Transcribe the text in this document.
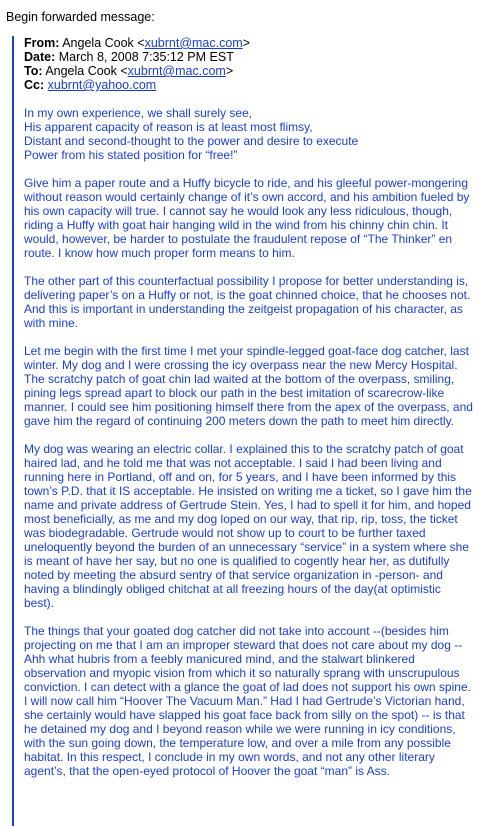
Begin forwarded message:
From: Angela Cook <xubrnt@mac.com>
Date: March 8, 2008 7:35:12 PM EST
To: Angela Cook <xubrnt@mac.com>
Cc: xubrnt@yahoo.com
In my own experience, we shall surely see,
His apparent capacity of reason is at least most flimsy,
Distant and second-thought to the power and desire to execute
Power from his stated position for “free!”
Give him a paper route and a Huffy bicycle to ride, and his gleeful power-mongering without reason would certainly change of it’s own accord, and his ambition fueled by his own capacity will true. I cannot say he would look any less ridiculous, though, riding a Huffy with goat hair hanging wild in the wind from his chinny chin chin. It would, however, be harder to postulate the fraudulent repose of “The Thinker” en route. I know how much proper form means to him.
The other part of this counterfactual possibility I propose for better understanding is, delivering paper’s on a Huffy or not, is the goat chinned choice, that he chooses not. And this is important in understanding the zeitgeist propagation of his character, as with mine.
Let me begin with the first time I met your spindle-legged goat-face dog catcher, last winter. My dog and I were crossing the icy overpass near the new Mercy Hospital. The scratchy patch of goat chin lad waited at the bottom of the overpass, smiling, pining legs spread apart to block our path in the best imitation of scarecrow-like manner. I could see him positioning himself there from the apex of the overpass, and gave him the regard of continuing 200 meters down the path to meet him directly.
My dog was wearing an electric collar. I explained this to the scratchy patch of goat haired lad, and he told me that was not acceptable. I said I had been living and running here in Portland, off and on, for 5 years, and I have been informed by this town’s P.D. that it IS acceptable. He insisted on writing me a ticket, so I gave him the name and private address of Gertrude Stein. Yes, I had to spell it for him, and hoped most beneficially, as me and my dog loped on our way, that rip, rip, toss, the ticket was biodegradable. Gertrude would not show up to court to be further taxed uneloquently beyond the burden of an unnecessary “service” in a system where she is meant of have her say, but no one is qualified to cogently hear her, as dutifully noted by meeting the absurd sentry of that service organization in -person- and having a blindingly obliged chitchat at all freezing hours of the day(at optimistic best).
The things that your goated dog catcher did not take into account --(besides him projecting on me that I am an improper steward that does not care about my dog -- Ahh what hubris from a feebly manicured mind, and the stalwart blinkered observation and myopic vision from which it so naturally sprang with unscrupulous conviction. I can detect with a glance the goat of lad does not support his own spine. I will now call him “Hoover The Vacuum Man.” Had I had Gertrude’s Victorian hand, she certainly would have slapped his goat face back from silly on the spot) -- is that he detained my dog and I beyond reason while we were running in icy conditions, with the sun going down, the temperature low, and over a mile from any possible habitat. In this respect, I conclude in my own words, and not any other literary agent’s, that the open-eyed protocol of Hoover the goat “man” is Ass.
